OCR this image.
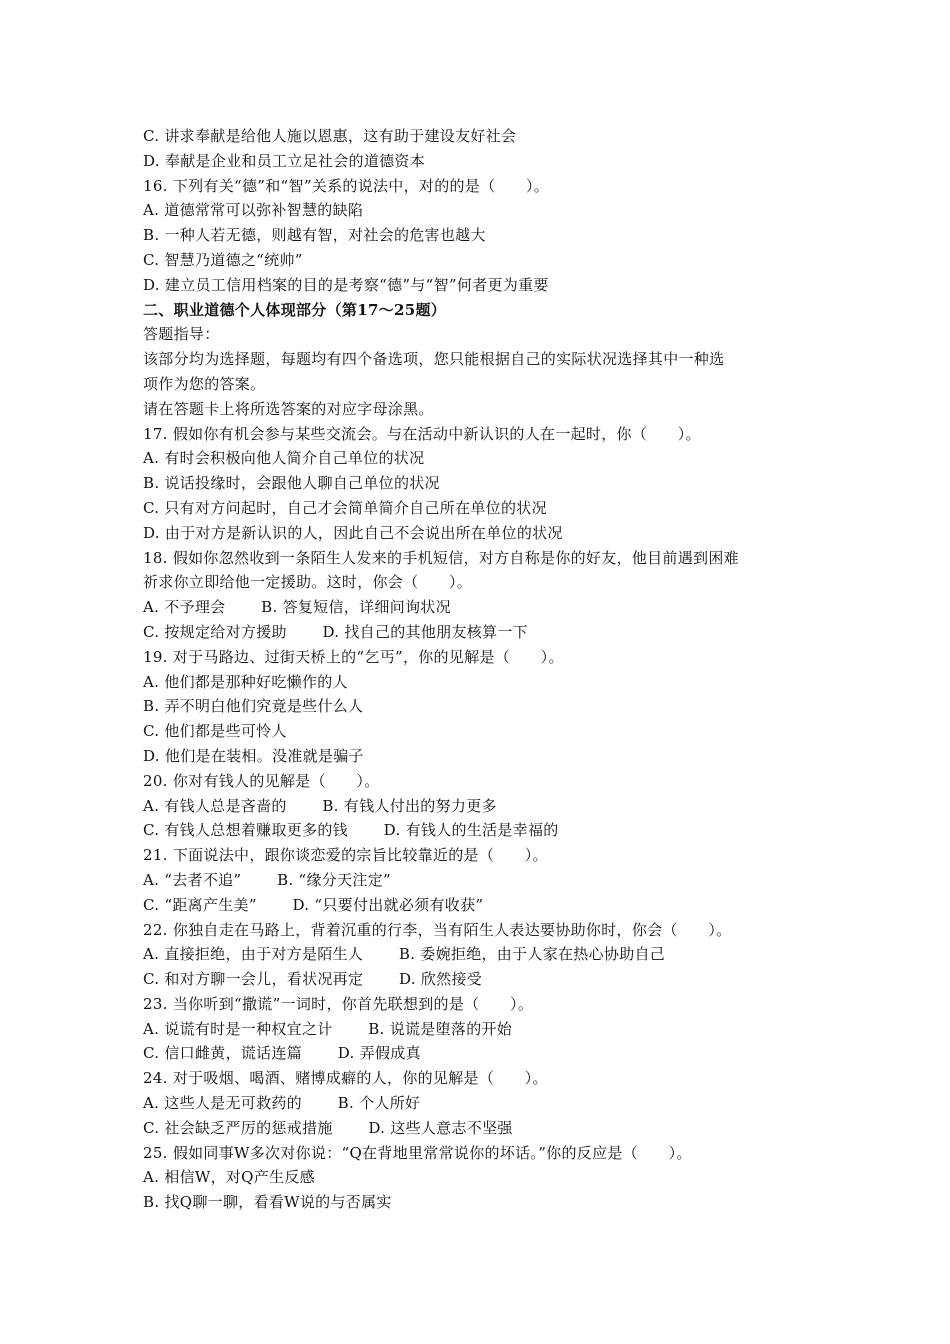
C. 讲求奉献是给他人施以恩惠，这有助于建设友好社会
D. 奉献是企业和员工立足社会的道德资本
16. 下列有关“德”和“智”关系的说法中，对的的是（　　）。
A. 道德常常可以弥补智慧的缺陷
B. 一种人若无德，则越有智，对社会的危害也越大
C. 智慧乃道德之“统帅”
D. 建立员工信用档案的目的是考察“德”与“智”何者更为重要
二、职业道德个人体现部分（第17～25题）
答题指导：
该部分均为选择题，每题均有四个备选项，您只能根据自己的实际状况选择其中一种选
项作为您的答案。
请在答题卡上将所选答案的对应字母涂黑。
17. 假如你有机会参与某些交流会。与在活动中新认识的人在一起时，你（　　）。
A. 有时会积极向他人简介自己单位的状况
B. 说话投缘时，会跟他人聊自己单位的状况
C. 只有对方问起时，自己才会简单简介自己所在单位的状况
D. 由于对方是新认识的人，因此自己不会说出所在单位的状况
18. 假如你忽然收到一条陌生人发来的手机短信，对方自称是你的好友，他目前遇到困难
祈求你立即给他一定援助。这时，你会（　　）。
A. 不予理会　　 B. 答复短信，详细问询状况
C. 按规定给对方援助　　 D. 找自己的其他朋友核算一下
19. 对于马路边、过街天桥上的“乞丐”，你的见解是（　　）。
A. 他们都是那种好吃懒作的人
B. 弄不明白他们究竟是些什么人
C. 他们都是些可怜人
D. 他们是在装相。没准就是骗子
20. 你对有钱人的见解是（　　）。
A. 有钱人总是吝啬的　　 B. 有钱人付出的努力更多
C. 有钱人总想着赚取更多的钱　　 D. 有钱人的生活是幸福的
21. 下面说法中，跟你谈恋爱的宗旨比较靠近的是（　　）。
A. “去者不追”　　 B. “缘分天注定”
C. “距离产生美”　　 D. “只要付出就必须有收获”
22. 你独自走在马路上，背着沉重的行李，当有陌生人表达要协助你时，你会（　　）。
A. 直接拒绝，由于对方是陌生人　　 B. 委婉拒绝，由于人家在热心协助自己
C. 和对方聊一会儿，看状况再定　　 D. 欣然接受
23. 当你听到“撒谎”一词时，你首先联想到的是（　　）。
A. 说谎有时是一种权宜之计　　 B. 说谎是堕落的开始
C. 信口雌黄，谎话连篇　　 D. 弄假成真
24. 对于吸烟、喝酒、赌博成癖的人，你的见解是（　　）。
A. 这些人是无可救药的　　 B. 个人所好
C. 社会缺乏严厉的惩戒措施　　 D. 这些人意志不坚强
25. 假如同事W多次对你说：“Q在背地里常常说你的坏话。”你的反应是（　　）。
A. 相信W，对Q产生反感
B. 找Q聊一聊，看看W说的与否属实
